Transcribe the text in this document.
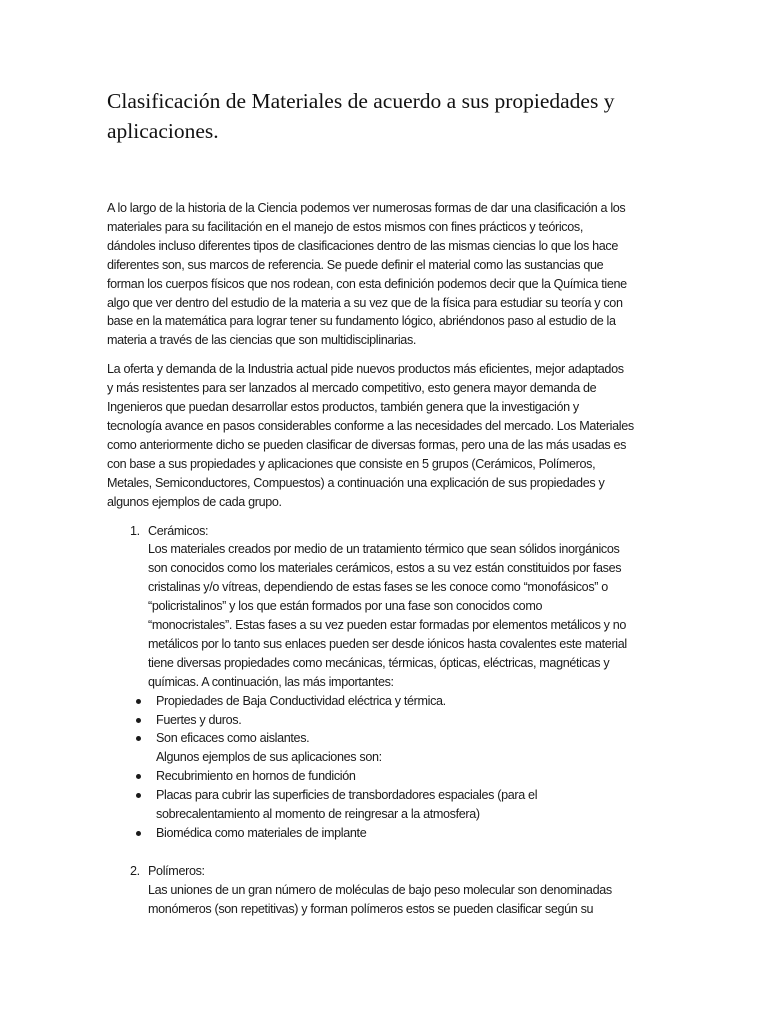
Clasificación de Materiales de acuerdo a sus propiedades y
aplicaciones.

A lo largo de la historia de la Ciencia podemos ver numerosas formas de dar una clasificación a los
materiales para su facilitación en el manejo de estos mismos con fines prácticos y teóricos,
dándoles incluso diferentes tipos de clasificaciones dentro de las mismas ciencias lo que los hace
diferentes son, sus marcos de referencia. Se puede definir el material como las sustancias que
forman los cuerpos físicos que nos rodean, con esta definición podemos decir que la Química tiene
algo que ver dentro del estudio de la materia a su vez que de la física para estudiar su teoría y con
base en la matemática para lograr tener su fundamento lógico, abriéndonos paso al estudio de la
materia a través de las ciencias que son multidisciplinarias.

La oferta y demanda de la Industria actual pide nuevos productos más eficientes, mejor adaptados
y más resistentes para ser lanzados al mercado competitivo, esto genera mayor demanda de
Ingenieros que puedan desarrollar estos productos, también genera que la investigación y
tecnología avance en pasos considerables conforme a las necesidades del mercado. Los Materiales
como anteriormente dicho se pueden clasificar de diversas formas, pero una de las más usadas es
con base a sus propiedades y aplicaciones que consiste en 5 grupos (Cerámicos, Polímeros,
Metales, Semiconductores, Compuestos) a continuación una explicación de sus propiedades y
algunos ejemplos de cada grupo.

1. Cerámicos:
Los materiales creados por medio de un tratamiento térmico que sean sólidos inorgánicos
son conocidos como los materiales cerámicos, estos a su vez están constituidos por fases
cristalinas y/o vítreas, dependiendo de estas fases se les conoce como “monofásicos” o
“policristalinos” y los que están formados por una fase son conocidos como
“monocristales”. Estas fases a su vez pueden estar formadas por elementos metálicos y no
metálicos por lo tanto sus enlaces pueden ser desde iónicos hasta covalentes este material
tiene diversas propiedades como mecánicas, térmicas, ópticas, eléctricas, magnéticas y
químicas. A continuación, las más importantes:
Propiedades de Baja Conductividad eléctrica y térmica.
Fuertes y duros.
Son eficaces como aislantes.
Algunos ejemplos de sus aplicaciones son:
Recubrimiento en hornos de fundición
Placas para cubrir las superficies de transbordadores espaciales (para el
sobrecalentamiento al momento de reingresar a la atmosfera)
Biomédica como materiales de implante
2. Polímeros:
Las uniones de un gran número de moléculas de bajo peso molecular son denominadas
monómeros (son repetitivas) y forman polímeros estos se pueden clasificar según su
